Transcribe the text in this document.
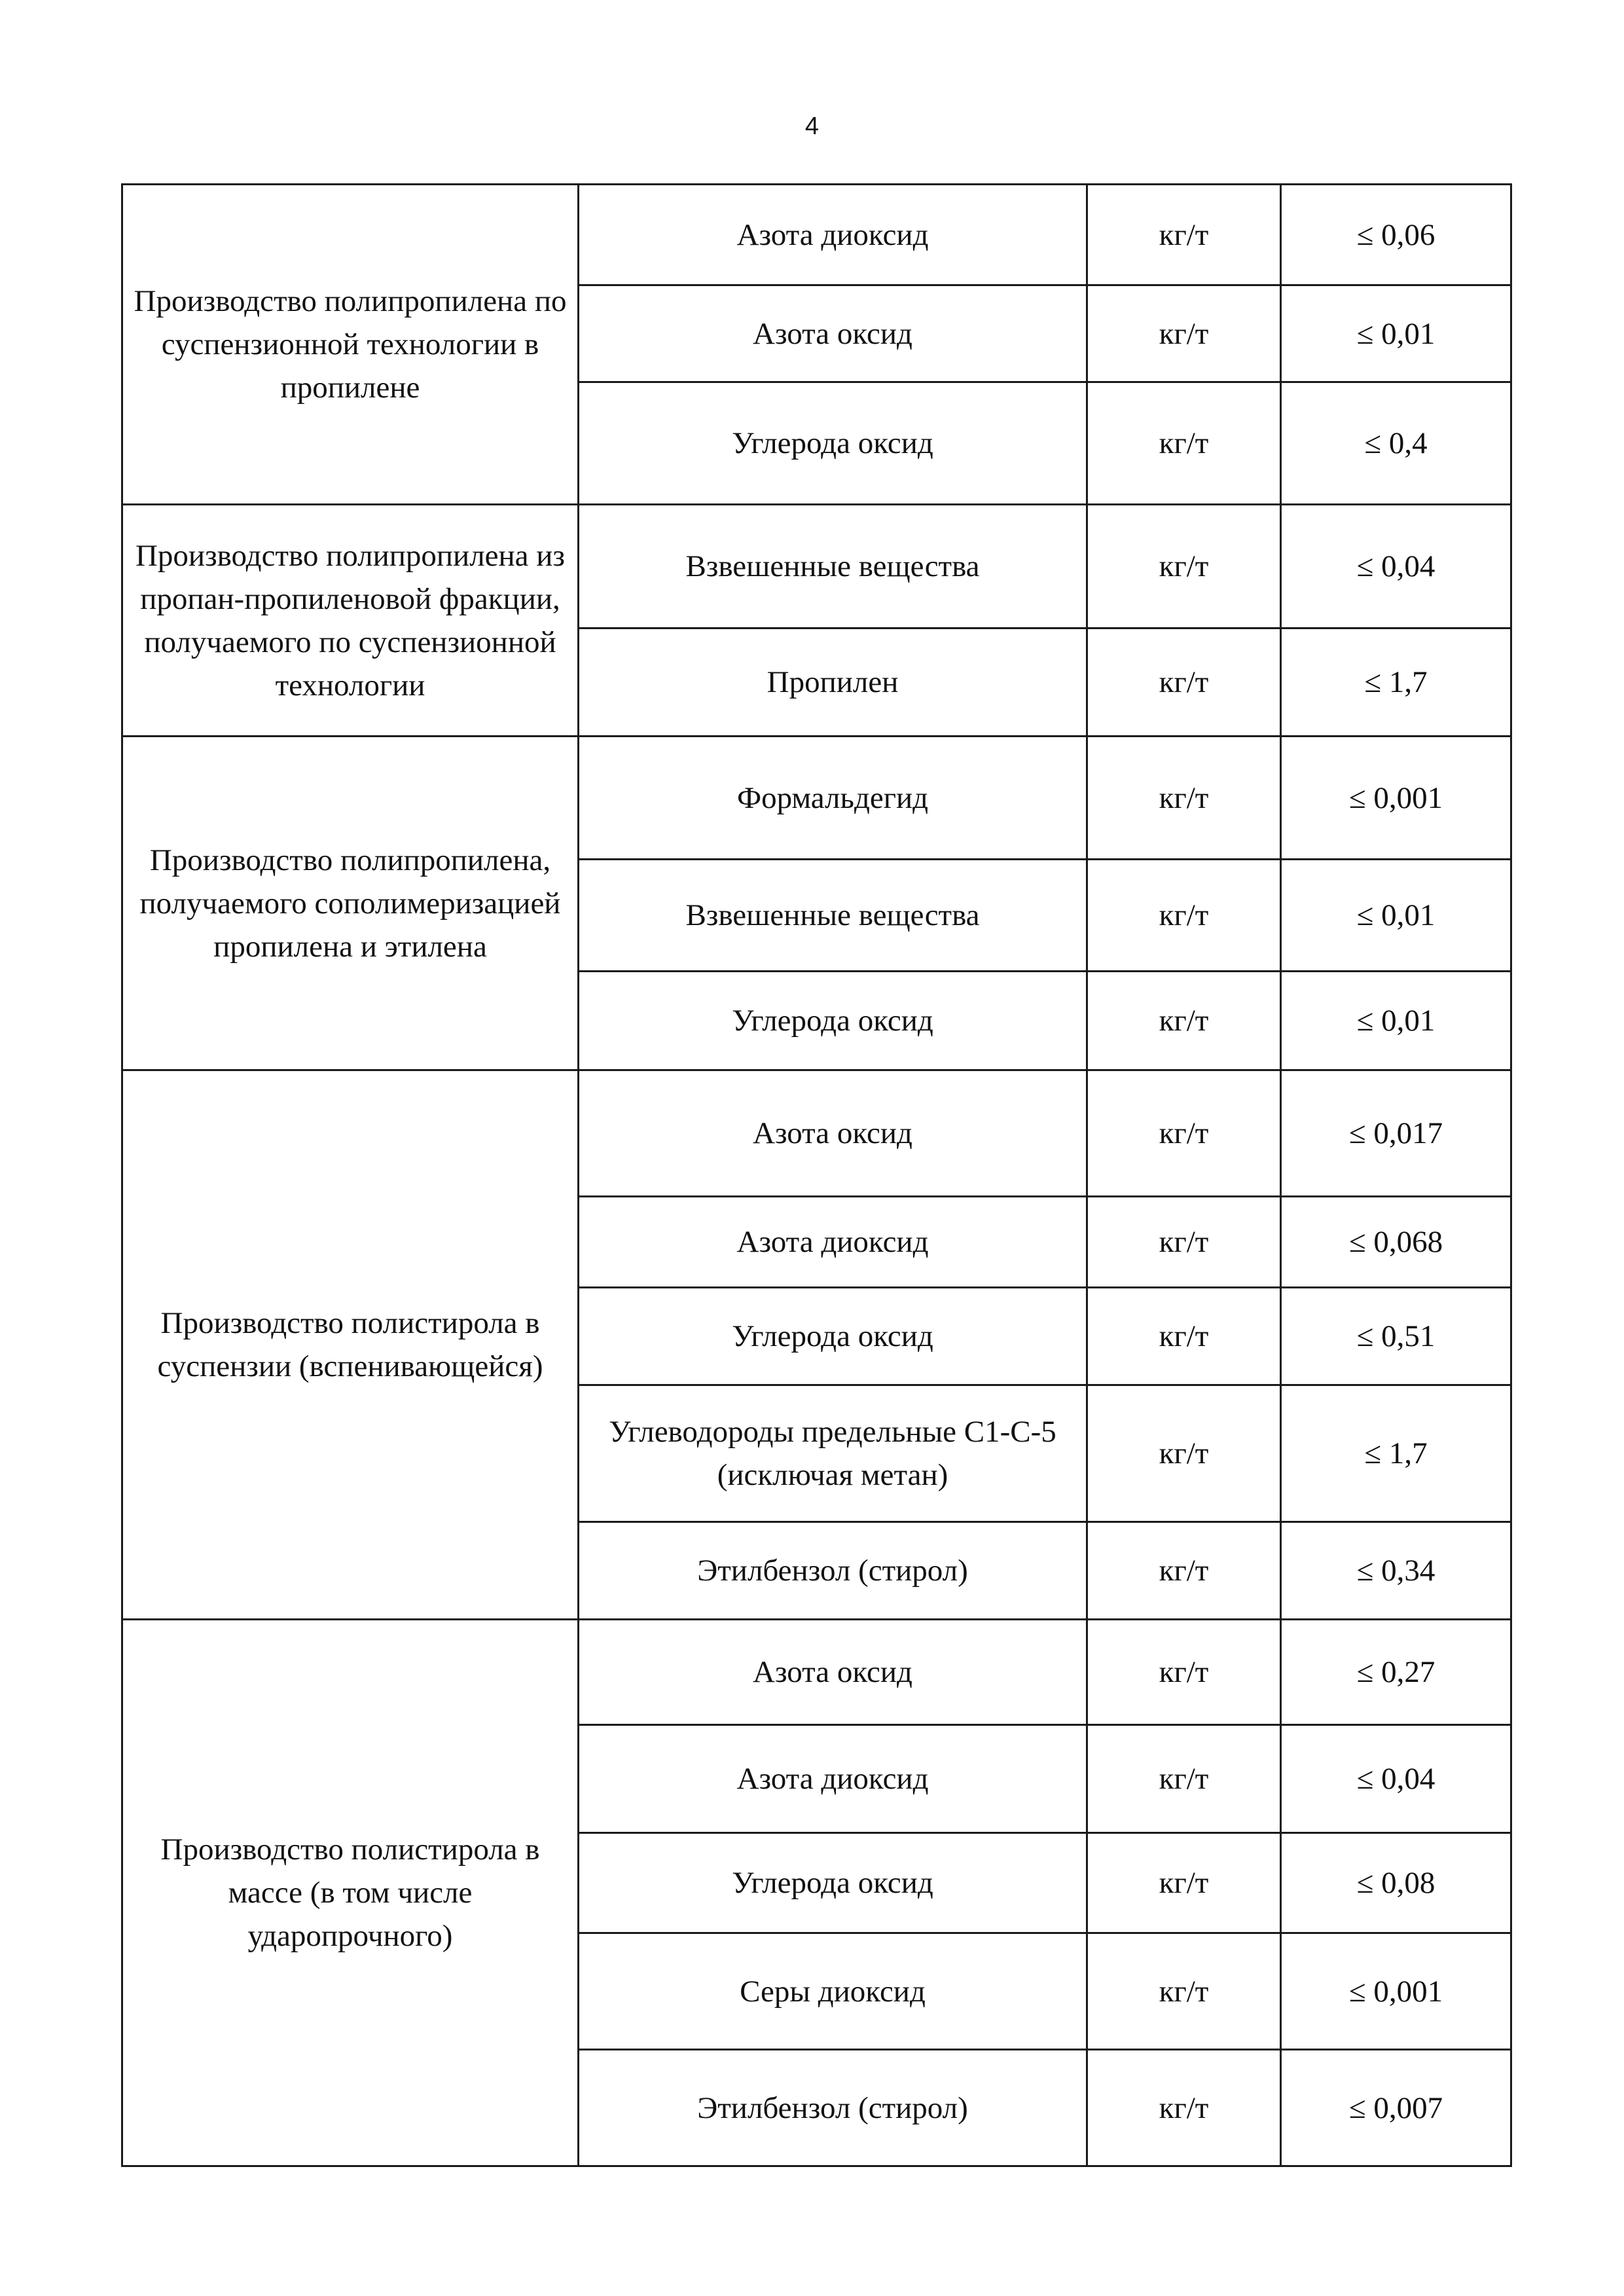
4
Производство полипропилена по суспензионной технологии в пропилене	Азота диоксид	кг/т	≤ 0,06
	Азота оксид	кг/т	≤ 0,01
	Углерода оксид	кг/т	≤ 0,4
Производство полипропилена из пропан-пропиленовой фракции, получаемого по суспензионной технологии	Взвешенные вещества	кг/т	≤ 0,04
	Пропилен	кг/т	≤ 1,7
Производство полипропилена, получаемого сополимеризацией пропилена и этилена	Формальдегид	кг/т	≤ 0,001
	Взвешенные вещества	кг/т	≤ 0,01
	Углерода оксид	кг/т	≤ 0,01
Производство полистирола в суспензии (вспенивающейся)	Азота оксид	кг/т	≤ 0,017
	Азота диоксид	кг/т	≤ 0,068
	Углерода оксид	кг/т	≤ 0,51
	Углеводороды предельные С1-С-5 (исключая метан)	кг/т	≤ 1,7
	Этилбензол (стирол)	кг/т	≤ 0,34
Производство полистирола в массе (в том числе ударопрочного)	Азота оксид	кг/т	≤ 0,27
	Азота диоксид	кг/т	≤ 0,04
	Углерода оксид	кг/т	≤ 0,08
	Серы диоксид	кг/т	≤ 0,001
	Этилбензол (стирол)	кг/т	≤ 0,007
